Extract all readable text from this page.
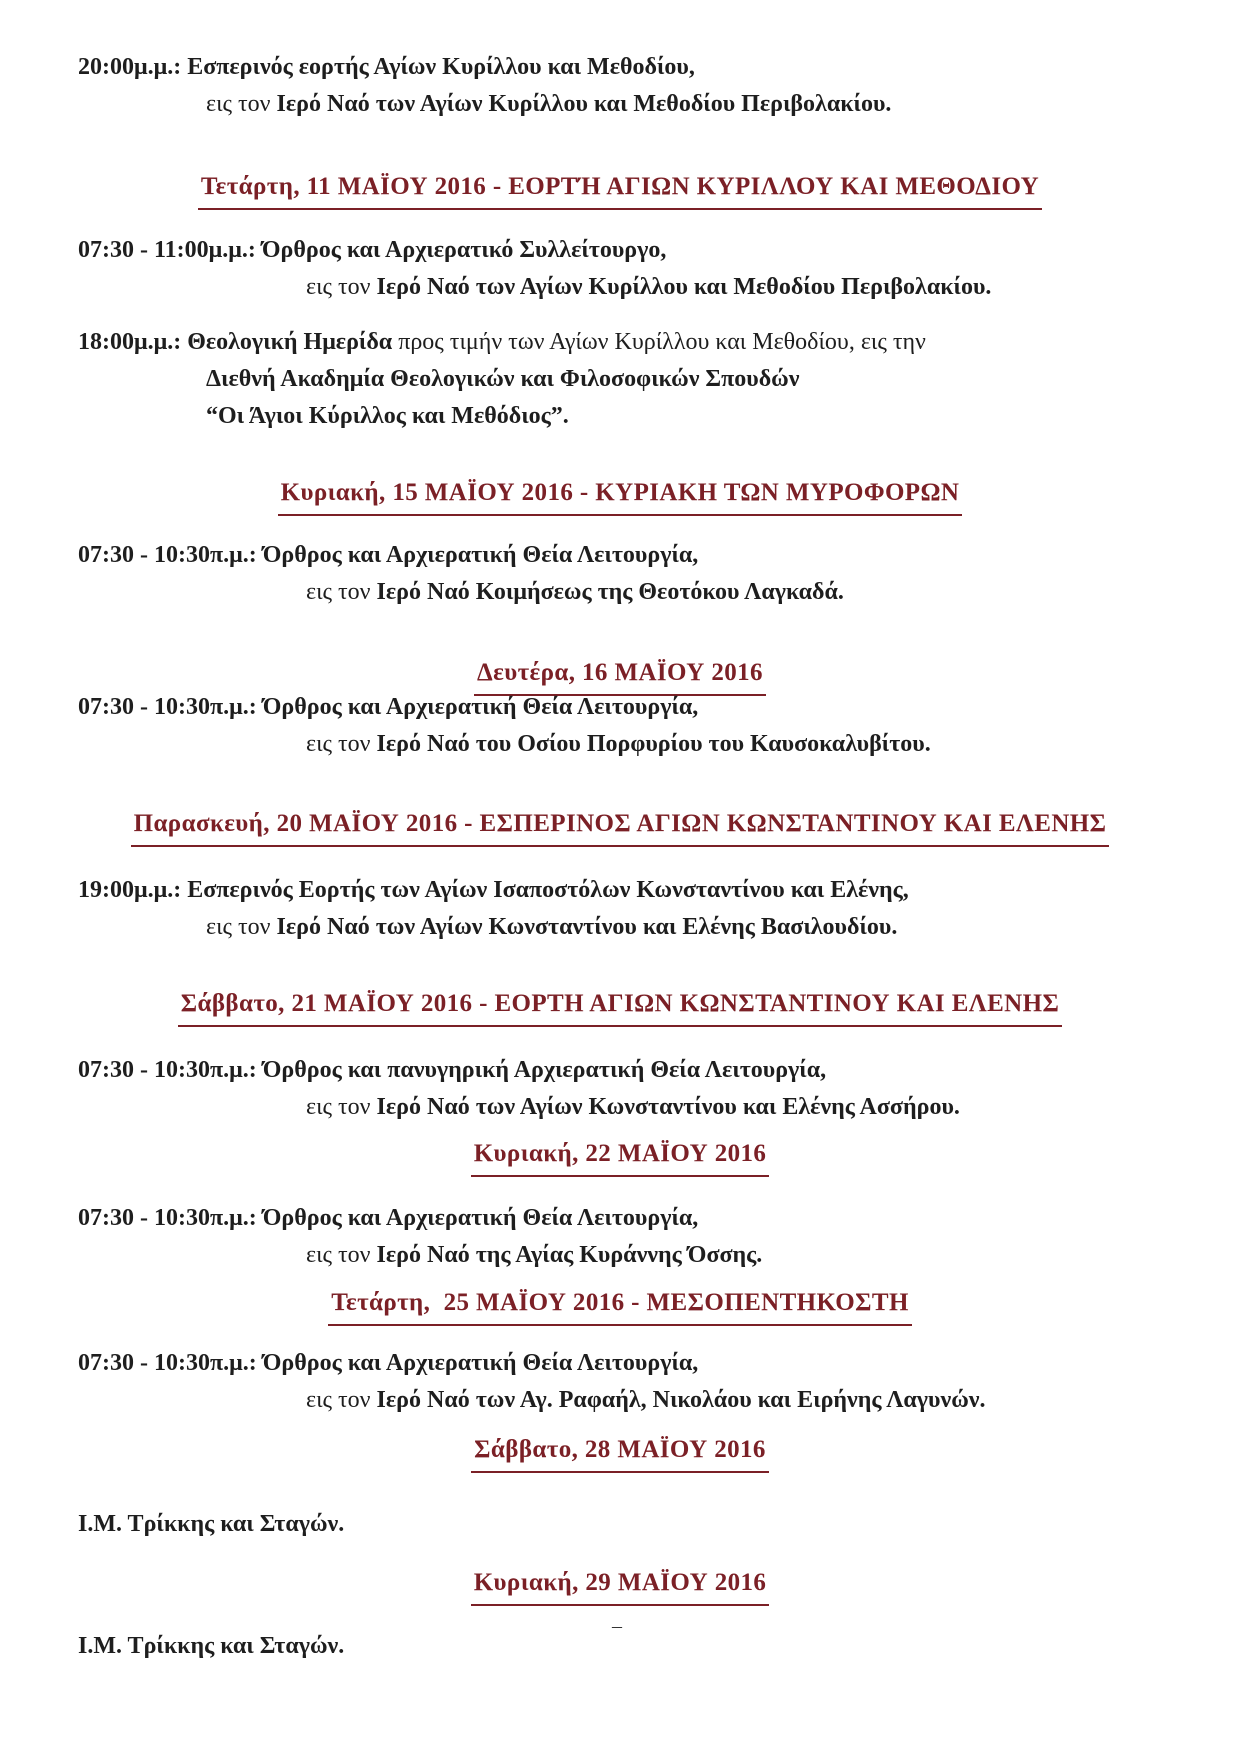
20:00μ.μ.: Εσπερινός εορτής Αγίων Κυρίλλου και Μεθοδίου,
εις τον Ιερό Ναό των Αγίων Κυρίλλου και Μεθοδίου Περιβολακίου.
Τετάρτη, 11 ΜΑΪΟΥ 2016 - ΕΟΡΤΉ ΑΓΙΩΝ ΚΥΡΙΛΛΟΥ ΚΑΙ ΜΕΘΟΔΙΟΥ
07:30 - 11:00μ.μ.: Όρθρος και Αρχιερατικό Συλλείτουργο,
εις τον Ιερό Ναό των Αγίων Κυρίλλου και Μεθοδίου Περιβολακίου.
18:00μ.μ.: Θεολογική Ημερίδα προς τιμήν των Αγίων Κυρίλλου και Μεθοδίου, εις την
Διεθνή Ακαδημία Θεολογικών και Φιλοσοφικών Σπουδών
“Οι Άγιοι Κύριλλος και Μεθόδιος”.
Κυριακή, 15 ΜΑΪΟΥ 2016 - ΚΥΡΙΑΚΗ ΤΩΝ ΜΥΡΟΦΟΡΩΝ
07:30 - 10:30π.μ.: Όρθρος και Αρχιερατική Θεία Λειτουργία,
εις τον Ιερό Ναό Κοιμήσεως της Θεοτόκου Λαγκαδά.
Δευτέρα, 16 ΜΑΪΟΥ 2016
07:30 - 10:30π.μ.: Όρθρος και Αρχιερατική Θεία Λειτουργία,
εις τον Ιερό Ναό του Οσίου Πορφυρίου του Καυσοκαλυβίτου.
Παρασκευή, 20 ΜΑΪΟΥ 2016 - ΕΣΠΕΡΙΝΟΣ ΑΓΙΩΝ ΚΩΝΣΤΑΝΤΙΝΟΥ ΚΑΙ ΕΛΕΝΗΣ
19:00μ.μ.: Εσπερινός Εορτής των Αγίων Ισαποστόλων Κωνσταντίνου και Ελένης,
εις τον Ιερό Ναό των Αγίων Κωνσταντίνου και Ελένης Βασιλουδίου.
Σάββατο, 21 ΜΑΪΟΥ 2016 - ΕΟΡΤΗ ΑΓΙΩΝ ΚΩΝΣΤΑΝΤΙΝΟΥ ΚΑΙ ΕΛΕΝΗΣ
07:30 - 10:30π.μ.: Όρθρος και πανυγηρική Αρχιερατική Θεία Λειτουργία,
εις τον Ιερό Ναό των Αγίων Κωνσταντίνου και Ελένης Ασσήρου.
Κυριακή, 22 ΜΑΪΟΥ 2016
07:30 - 10:30π.μ.: Όρθρος και Αρχιερατική Θεία Λειτουργία,
εις τον Ιερό Ναό της Αγίας Κυράννης Όσσης.
Τετάρτη,  25 ΜΑΪΟΥ 2016 - ΜΕΣΟΠΕΝΤΗΚΟΣΤΗ
07:30 - 10:30π.μ.: Όρθρος και Αρχιερατική Θεία Λειτουργία,
εις τον Ιερό Ναό των Αγ. Ραφαήλ, Νικολάου και Ειρήνης Λαγυνών.
Σάββατο, 28 ΜΑΪΟΥ 2016
Ι.Μ. Τρίκκης και Σταγών.
Κυριακή, 29 ΜΑΪΟΥ 2016
–
Ι.Μ. Τρίκκης και Σταγών.
